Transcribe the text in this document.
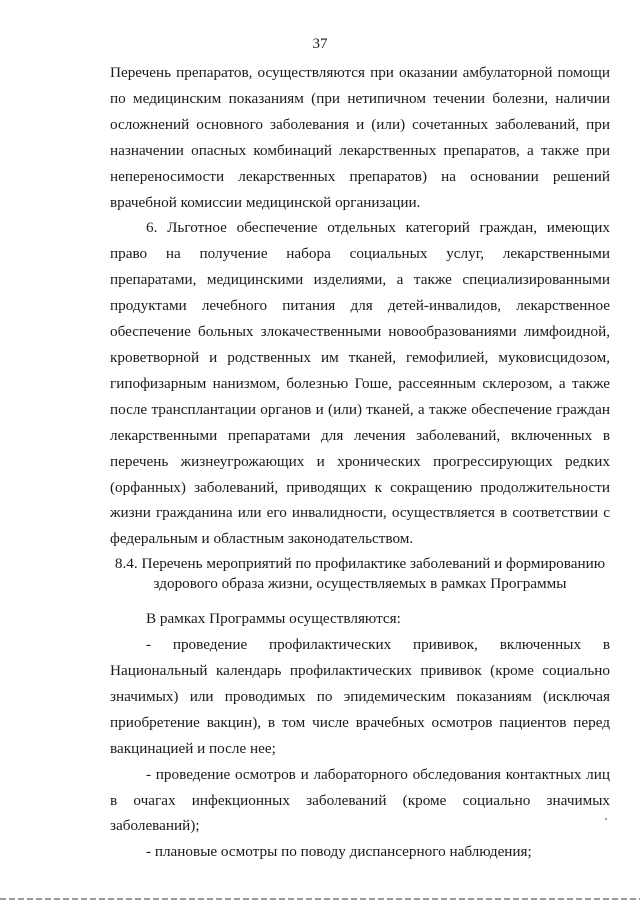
37

Перечень препаратов, осуществляются при оказании амбулаторной помощи по медицинским показаниям (при нетипичном течении болезни, наличии осложнений основного заболевания и (или) сочетанных заболеваний, при назначении опасных комбинаций лекарственных препаратов, а также при непереносимости лекарственных препаратов) на основании решений врачебной комиссии медицинской организации.

6. Льготное обеспечение отдельных категорий граждан, имеющих право на получение набора социальных услуг, лекарственными препаратами, медицинскими изделиями, а также специализированными продуктами лечебного питания для детей-инвалидов, лекарственное обеспечение больных злокачественными новообразованиями лимфоидной, кроветворной и родственных им тканей, гемофилией, муковисцидозом, гипофизарным нанизмом, болезнью Гоше, рассеянным склерозом, а также после трансплантации органов и (или) тканей, а также обеспечение граждан лекарственными препаратами для лечения заболеваний, включенных в перечень жизнеугрожающих и хронических прогрессирующих редких (орфанных) заболеваний, приводящих к сокращению продолжительности жизни гражданина или его инвалидности, осуществляется в соответствии с федеральным и областным законодательством.

8.4. Перечень мероприятий по профилактике заболеваний и формированию
здорового образа жизни, осуществляемых в рамках Программы

В рамках Программы осуществляются:

- проведение профилактических прививок, включенных в Национальный календарь профилактических прививок (кроме социально значимых) или проводимых по эпидемическим показаниям (исключая приобретение вакцин), в том числе врачебных осмотров пациентов перед вакцинацией и после нее;

- проведение осмотров и лабораторного обследования контактных лиц в очагах инфекционных заболеваний (кроме социально значимых заболеваний);

- плановые осмотры по поводу диспансерного наблюдения;
